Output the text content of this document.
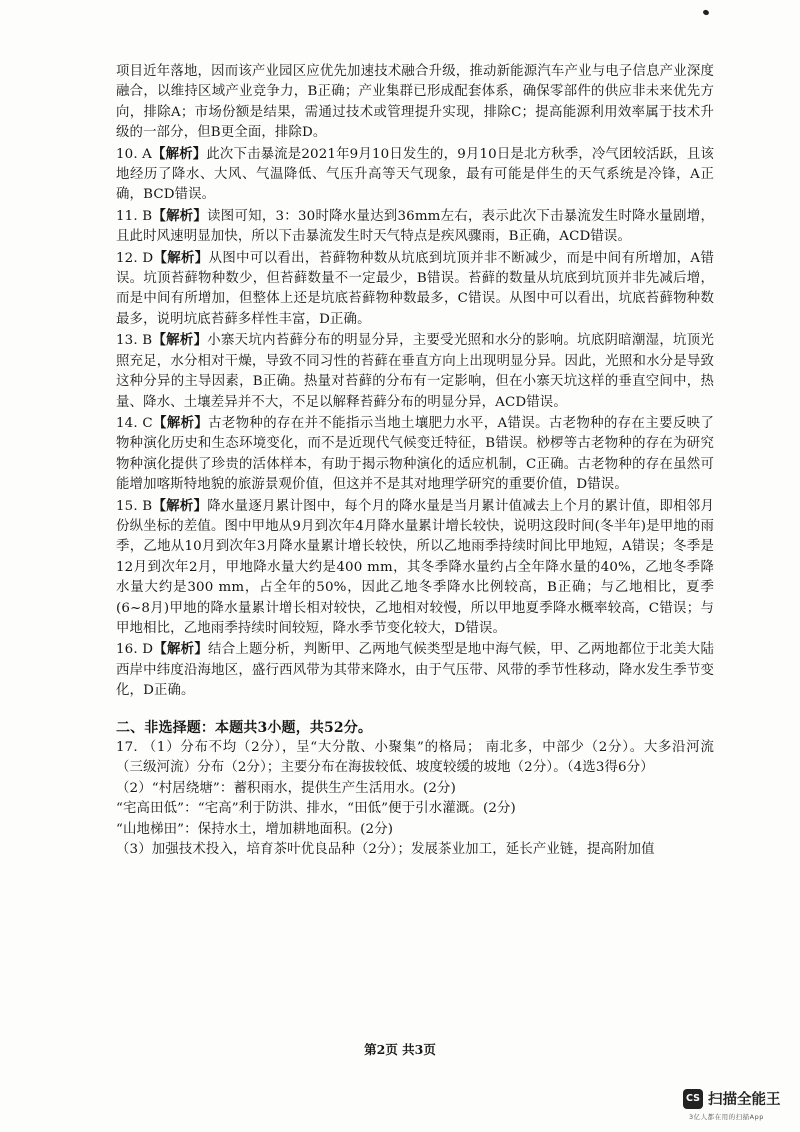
项目近年落地，因而该产业园区应优先加速技术融合升级，推动新能源汽车产业与电子信息产业深度融合，以维持区域产业竞争力，B正确；产业集群已形成配套体系，确保零部件的供应非未来优先方向，排除A；市场份额是结果，需通过技术或管理提升实现，排除C；提高能源利用效率属于技术升级的一部分，但B更全面，排除D。

10. A【解析】此次下击暴流是2021年9月10日发生的，9月10日是北方秋季，冷气团较活跃，且该地经历了降水、大风、气温降低、气压升高等天气现象，最有可能是伴生的天气系统是冷锋，A正确，BCD错误。

11. B【解析】读图可知，3：30时降水量达到36mm左右，表示此次下击暴流发生时降水量剧增，且此时风速明显加快，所以下击暴流发生时天气特点是疾风骤雨，B正确，ACD错误。

12. D【解析】从图中可以看出，苔藓物种数从坑底到坑顶并非不断减少，而是中间有所增加，A错误。坑顶苔藓物种数少，但苔藓数量不一定最少，B错误。苔藓的数量从坑底到坑顶并非先减后增，而是中间有所增加，但整体上还是坑底苔藓物种数最多，C错误。从图中可以看出，坑底苔藓物种数最多，说明坑底苔藓多样性丰富，D正确。

13. B【解析】小寨天坑内苔藓分布的明显分异，主要受光照和水分的影响。坑底阴暗潮湿，坑顶光照充足，水分相对干燥，导致不同习性的苔藓在垂直方向上出现明显分异。因此，光照和水分是导致这种分异的主导因素，B正确。热量对苔藓的分布有一定影响，但在小寨天坑这样的垂直空间中，热量、降水、土壤差异并不大，不足以解释苔藓分布的明显分异，ACD错误。

14. C【解析】古老物种的存在并不能指示当地土壤肥力水平，A错误。古老物种的存在主要反映了物种演化历史和生态环境变化，而不是近现代气候变迁特征，B错误。桫椤等古老物种的存在为研究物种演化提供了珍贵的活体样本，有助于揭示物种演化的适应机制，C正确。古老物种的存在虽然可能增加喀斯特地貌的旅游景观价值，但这并不是其对地理学研究的重要价值，D错误。

15. B【解析】降水量逐月累计图中，每个月的降水量是当月累计值减去上个月的累计值，即相邻月份纵坐标的差值。图中甲地从9月到次年4月降水量累计增长较快，说明这段时间(冬半年)是甲地的雨季，乙地从10月到次年3月降水量累计增长较快，所以乙地雨季持续时间比甲地短，A错误；冬季是12月到次年2月，甲地降水量大约是400 mm，其冬季降水量约占全年降水量的40%，乙地冬季降水量大约是300 mm，占全年的50%，因此乙地冬季降水比例较高，B正确；与乙地相比，夏季(6~8月)甲地的降水量累计增长相对较快，乙地相对较慢，所以甲地夏季降水概率较高，C错误；与甲地相比，乙地雨季持续时间较短，降水季节变化较大，D错误。

16. D【解析】结合上题分析，判断甲、乙两地气候类型是地中海气候，甲、乙两地都位于北美大陆西岸中纬度沿海地区，盛行西风带为其带来降水，由于气压带、风带的季节性移动，降水发生季节变化，D正确。

二、非选择题：本题共3小题，共52分。

17. （1）分布不均（2分），呈“大分散、小聚集”的格局； 南北多，中部少（2分）。大多沿河流（三级河流）分布（2分）；主要分布在海拔较低、坡度较缓的坡地（2分）。（4选3得6分）

（2）“村居绕塘”：蓄积雨水，提供生产生活用水。(2分)

“宅高田低”：“宅高”利于防洪、排水，“田低”便于引水灌溉。(2分)

“山地梯田”：保持水土，增加耕地面积。(2分)

（3）加强技术投入，培育茶叶优良品种（2分）；发展茶业加工，延长产业链，提高附加值

第2页 共3页
CS 扫描全能王
3亿人都在用的扫描App
